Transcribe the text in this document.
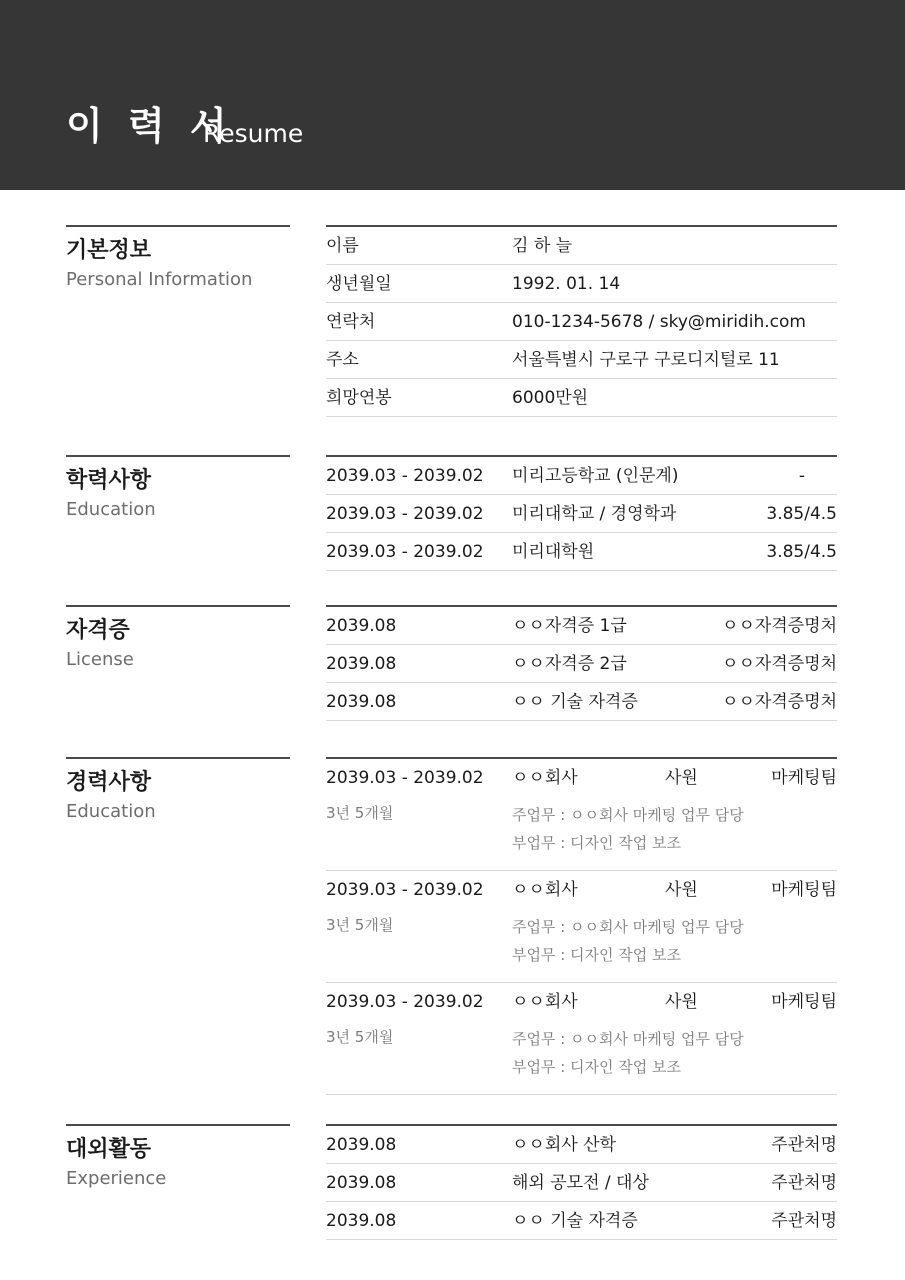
이 력 서
Resume
기본정보
Personal Information
이름	김 하 늘
생년월일	1992. 01. 14
연락처	010-1234-5678 / sky@miridih.com
주소	서울특별시 구로구 구로디지털로 11
희망연봉	6000만원
학력사항
Education
2039.03 - 2039.02 미리고등학교 (인문계)	-
2039.03 - 2039.02 미리대학교 / 경영학과	3.85/4.5
2039.03 - 2039.02 미리대학원	3.85/4.5
자격증
License
2039.08	ㅇㅇ자격증 1급	ㅇㅇ자격증명처
2039.08	ㅇㅇ자격증 2급	ㅇㅇ자격증명처
2039.08	ㅇㅇ 기술 자격증	ㅇㅇ자격증명처
경력사항
Education
2039.03 - 2039.02 ㅇㅇ회사	사원	마케팅팀
3년 5개월	주업무 : ㅇㅇ회사 마케팅 업무 담당
부업무 : 디자인 작업 보조
2039.03 - 2039.02 ㅇㅇ회사	사원	마케팅팀
3년 5개월	주업무 : ㅇㅇ회사 마케팅 업무 담당
부업무 : 디자인 작업 보조
2039.03 - 2039.02 ㅇㅇ회사	사원	마케팅팀
3년 5개월	주업무 : ㅇㅇ회사 마케팅 업무 담당
부업무 : 디자인 작업 보조
대외활동
Experience
2039.08	ㅇㅇ회사 산학	주관처명
2039.08	해외 공모전 / 대상	주관처명
2039.08	ㅇㅇ 기술 자격증	주관처명
